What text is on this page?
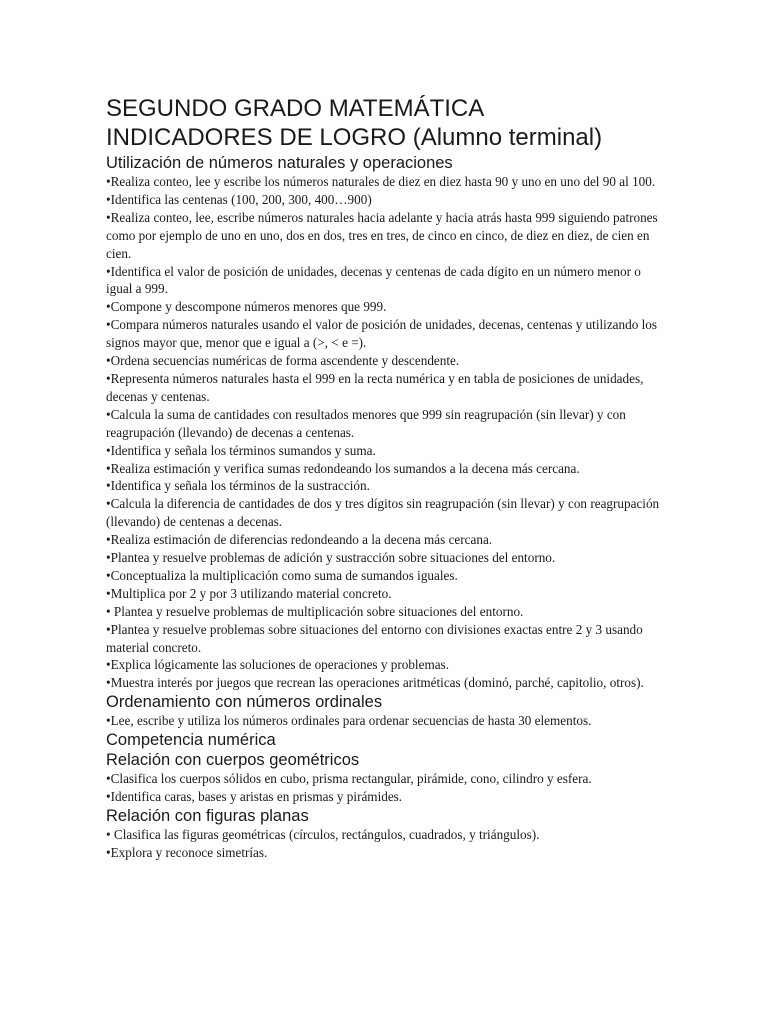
SEGUNDO GRADO MATEMÁTICA
INDICADORES DE LOGRO (Alumno terminal)
Utilización de números naturales y operaciones
•Realiza conteo, lee y escribe los números naturales de diez en diez hasta 90 y uno en uno del 90 al 100.
•Identifica las centenas (100, 200, 300, 400…900)
•Realiza conteo, lee, escribe números naturales hacia adelante y hacia atrás hasta 999 siguiendo patrones como por ejemplo de uno en uno, dos en dos, tres en tres, de cinco en cinco, de diez en diez, de cien en cien.
•Identifica el valor de posición de unidades, decenas y centenas de cada dígito en un número menor o igual a 999.
•Compone y descompone números menores que 999.
•Compara números naturales usando el valor de posición de unidades, decenas, centenas y utilizando los signos mayor que, menor que e igual a (>, < e =).
•Ordena secuencias numéricas de forma ascendente y descendente.
•Representa números naturales hasta el 999 en la recta numérica y en tabla de posiciones de unidades, decenas y centenas.
•Calcula la suma de cantidades con resultados menores que 999 sin reagrupación (sin llevar) y con reagrupación (llevando) de decenas a centenas.
•Identifica y señala los términos sumandos y suma.
•Realiza estimación y verifica sumas redondeando los sumandos a la decena más cercana.
•Identifica y señala los términos de la sustracción.
•Calcula la diferencia de cantidades de dos y tres dígitos sin reagrupación (sin llevar) y con reagrupación (llevando) de centenas a decenas.
•Realiza estimación de diferencias redondeando a la decena más cercana.
•Plantea y resuelve problemas de adición y sustracción sobre situaciones del entorno.
•Conceptualiza la multiplicación como suma de sumandos iguales.
•Multiplica por 2 y por 3 utilizando material concreto.
• Plantea y resuelve problemas de multiplicación sobre situaciones del entorno.
•Plantea y resuelve problemas sobre situaciones del entorno con divisiones exactas entre 2 y 3 usando material concreto.
•Explica lógicamente las soluciones de operaciones y problemas.
•Muestra interés por juegos que recrean las operaciones aritméticas (dominó, parché, capitolio, otros).
Ordenamiento con números ordinales
•Lee, escribe y utiliza los números ordinales para ordenar secuencias de hasta 30 elementos.
Competencia numérica
Relación con cuerpos geométricos
•Clasifica los cuerpos sólidos en cubo, prisma rectangular, pirámide, cono, cilindro y esfera.
•Identifica caras, bases y aristas en prismas y pirámides.
Relación con figuras planas
• Clasifica las figuras geométricas (círculos, rectángulos, cuadrados, y triángulos).
•Explora y reconoce simetrías.
